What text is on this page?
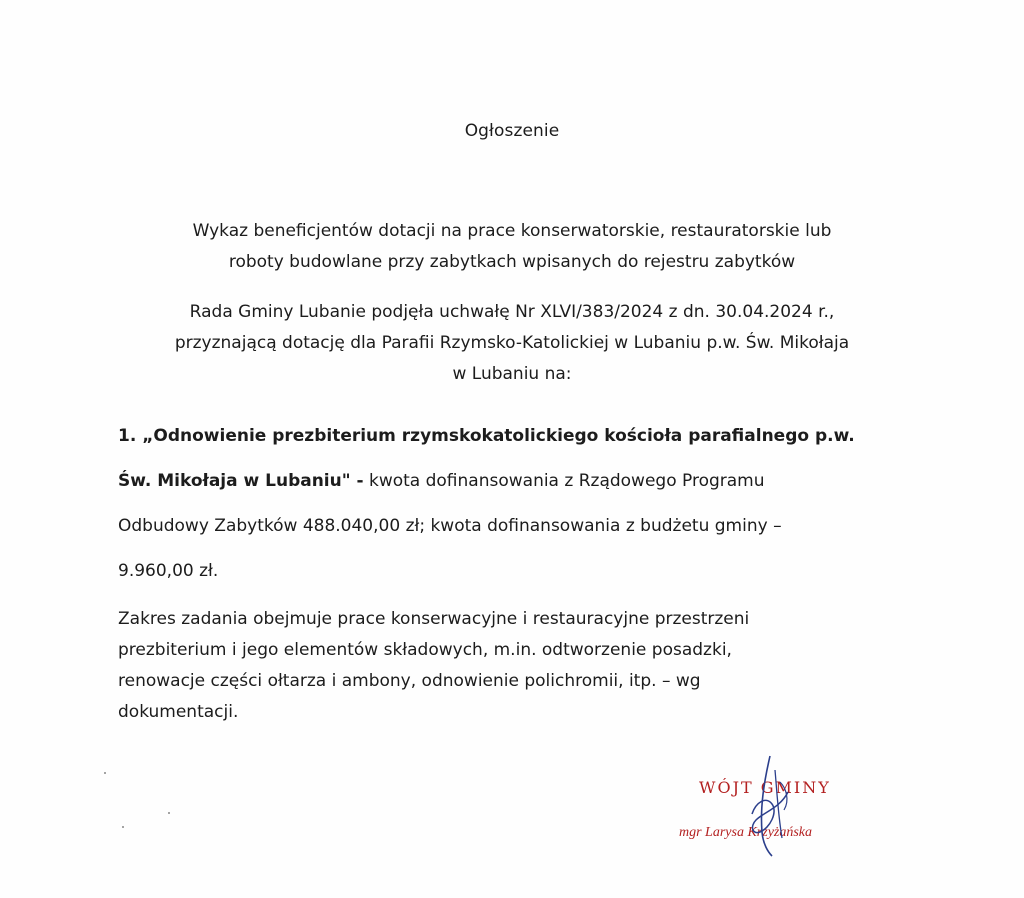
Ogłoszenie

Wykaz beneficjentów dotacji na prace konserwatorskie, restauratorskie lub

roboty budowlane przy zabytkach wpisanych do rejestru zabytków

Rada Gminy Lubanie podjęła uchwałę Nr XLVI/383/2024 z dn. 30.04.2024 r.,

przyznającą dotację dla Parafii Rzymsko-Katolickiej w Lubaniu p.w. Św. Mikołaja

w Lubaniu na:

1. „Odnowienie prezbiterium rzymskokatolickiego kościoła parafialnego p.w.
Św. Mikołaja w Lubaniu" - kwota dofinansowania z Rządowego Programu
Odbudowy Zabytków 488.040,00 zł; kwota dofinansowania z budżetu gminy –
9.960,00 zł.
Zakres zadania obejmuje prace konserwacyjne i restauracyjne przestrzeni
prezbiterium i jego elementów składowych, m.in. odtworzenie posadzki,
renowacje części ołtarza i ambony, odnowienie polichromii, itp. – wg
dokumentacji.
WÓJT GMINY
mgr Larysa Krzyżańska
